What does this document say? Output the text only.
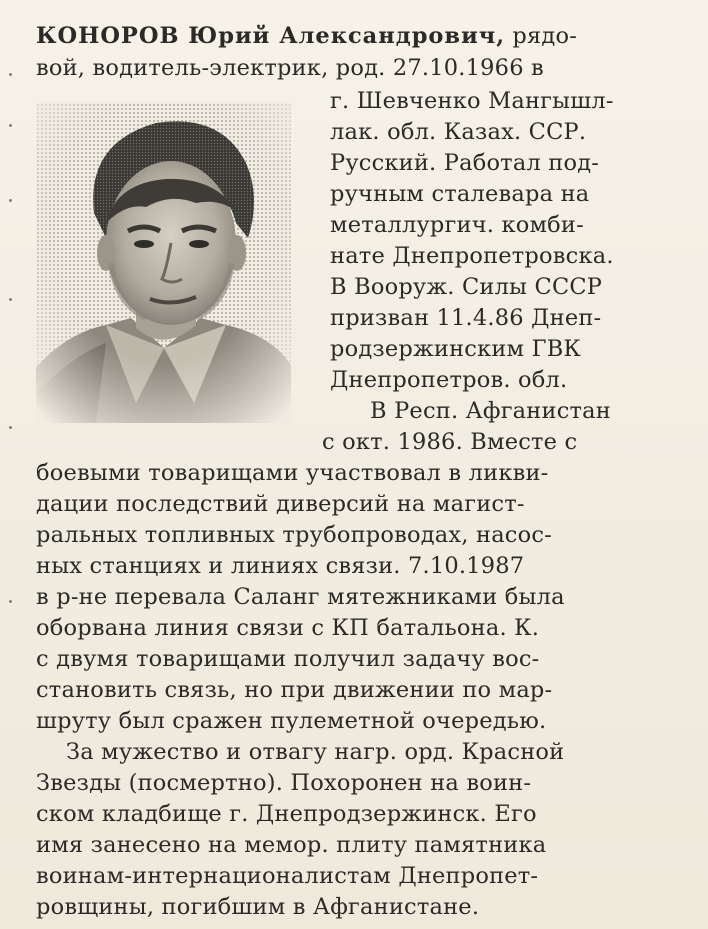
КОНОРОВ Юрий Александрович, рядо-
вой, водитель-электрик, род. 27.10.1966 в
г. Шевченко Мангышл-
лак. обл. Казах. ССР.
Русский. Работал под-
ручным сталевара на
металлургич. комби-
нате Днепропетровска.
В Вооруж. Силы СССР
призван 11.4.86 Днеп-
родзержинским ГВК
Днепропетров. обл.
В Респ. Афганистан
с окт. 1986. Вместе с
боевыми товарищами участвовал в ликви-
дации последствий диверсий на магист-
ральных топливных трубопроводах, насос-
ных станциях и линиях связи. 7.10.1987
в р-не перевала Саланг мятежниками была
оборвана линия связи с КП батальона. К.
с двумя товарищами получил задачу вос-
становить связь, но при движении по мар-
шруту был сражен пулеметной очередью.
За мужество и отвагу нагр. орд. Красной
Звезды (посмертно). Похоронен на воин-
ском кладбище г. Днепродзержинск. Его
имя занесено на мемор. плиту памятника
воинам-интернационалистам Днепропет-
ровщины, погибшим в Афганистане.
